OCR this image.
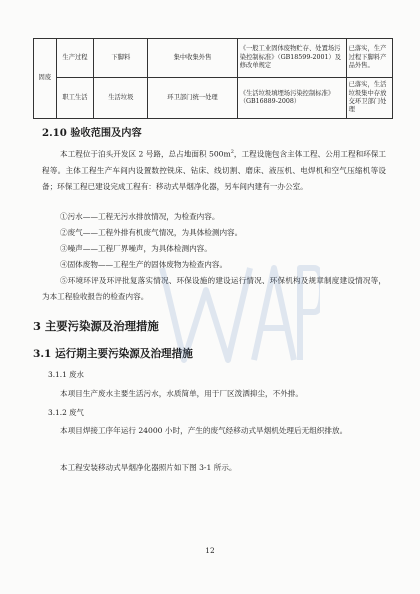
固废	生产过程	下脚料	集中收集外售	《一般工业固体废物贮存、处置场污染控制标准》（GB18599-2001）及修改单规定	已落实，生产过程下脚料产品外售。
	职工生活	生活垃圾	环卫部门统一处理	《生活垃圾填埋场污染控制标准》（GB16889-2008）	已落实，生活垃圾集中存放交环卫部门处理
2.10 验收范围及内容
本工程位于泊头开发区 2 号路，总占地面积 $500m^2$，工程设施包含主体工程、公用工程和环保工程等。主体工程生产车间内设置数控铣床、钻床、线切割、磨床、液压机、电焊机和空气压缩机等设备；环保工程已建设完成工程有：移动式旱烟净化器，另车间内建有一办公室。
①污水——工程无污水排放情况，为检查内容。
②废气——工程外排有机废气情况，为具体检测内容。
③噪声——工程厂界噪声，为具体检测内容。
④固体废物——工程生产的固体废物为检查内容。
⑤环境环评及环评批复落实情况、环保设施的建设运行情况、环保机构及规章制度建设情况等，为本工程验收报告的检查内容。
3 主要污染源及治理措施
3.1 运行期主要污染源及治理措施
3.1.1 废水
本项目生产废水主要生活污水，水质简单，用于厂区泼洒抑尘，不外排。
3.1.2 废气
本项目焊接工序年运行 24000 小时，产生的废气经移动式旱烟机处理后无组织排放。
本工程安装移动式旱烟净化器照片如下图 3-1 所示。
12
